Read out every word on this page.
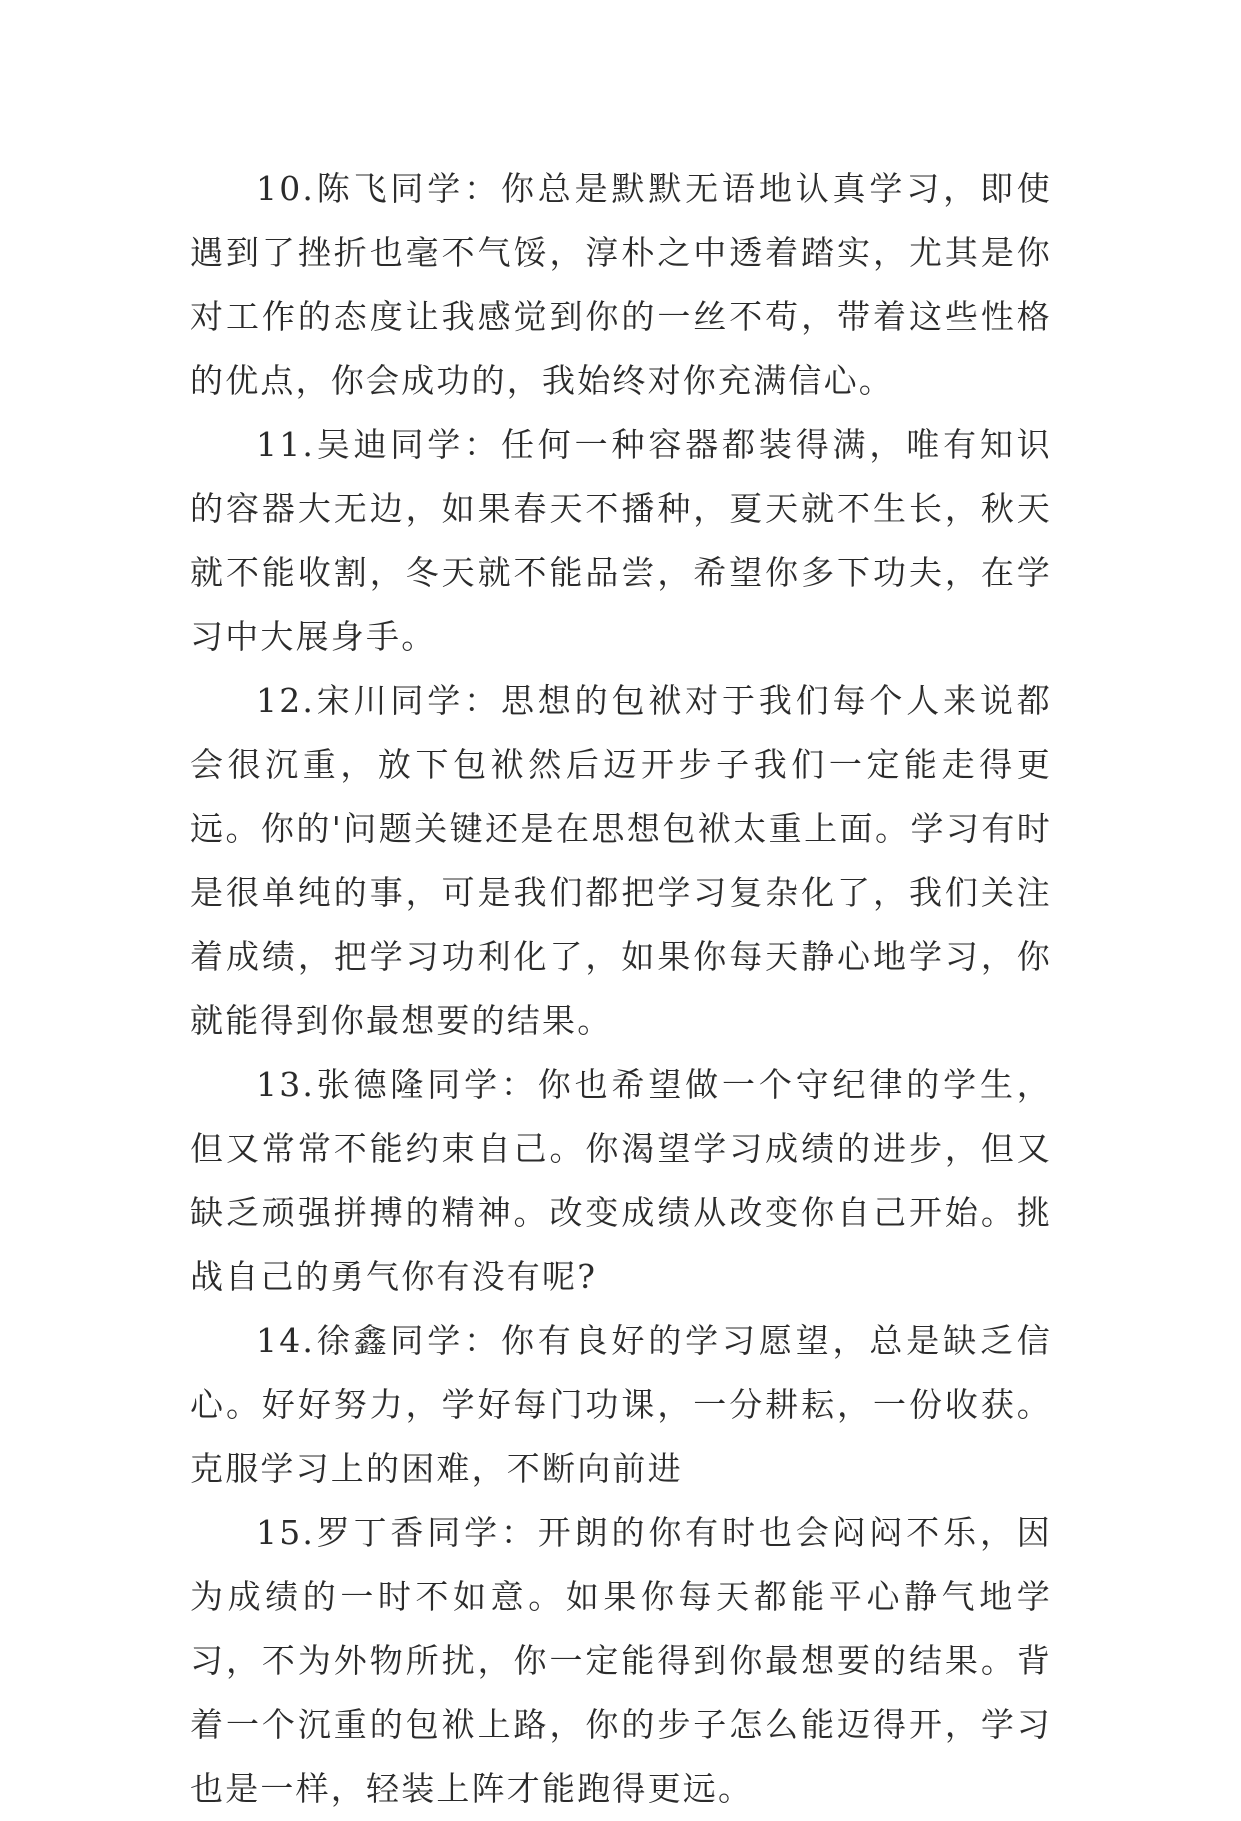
10.陈飞同学：你总是默默无语地认真学习，即使遇到了挫折也毫不气馁，淳朴之中透着踏实，尤其是你对工作的态度让我感觉到你的一丝不苟，带着这些性格的优点，你会成功的，我始终对你充满信心。

11.吴迪同学：任何一种容器都装得满，唯有知识的容器大无边，如果春天不播种，夏天就不生长，秋天就不能收割，冬天就不能品尝，希望你多下功夫，在学习中大展身手。

12.宋川同学：思想的包袱对于我们每个人来说都会很沉重，放下包袱然后迈开步子我们一定能走得更远。你的'问题关键还是在思想包袱太重上面。学习有时是很单纯的事，可是我们都把学习复杂化了，我们关注着成绩，把学习功利化了，如果你每天静心地学习，你就能得到你最想要的结果。

13.张德隆同学：你也希望做一个守纪律的学生，但又常常不能约束自己。你渴望学习成绩的进步，但又缺乏顽强拼搏的精神。改变成绩从改变你自己开始。挑战自己的勇气你有没有呢?

14.徐鑫同学：你有良好的学习愿望，总是缺乏信心。好好努力，学好每门功课，一分耕耘，一份收获。克服学习上的困难，不断向前进

15.罗丁香同学：开朗的你有时也会闷闷不乐，因为成绩的一时不如意。如果你每天都能平心静气地学习，不为外物所扰，你一定能得到你最想要的结果。背着一个沉重的包袱上路，你的步子怎么能迈得开，学习也是一样，轻装上阵才能跑得更远。
